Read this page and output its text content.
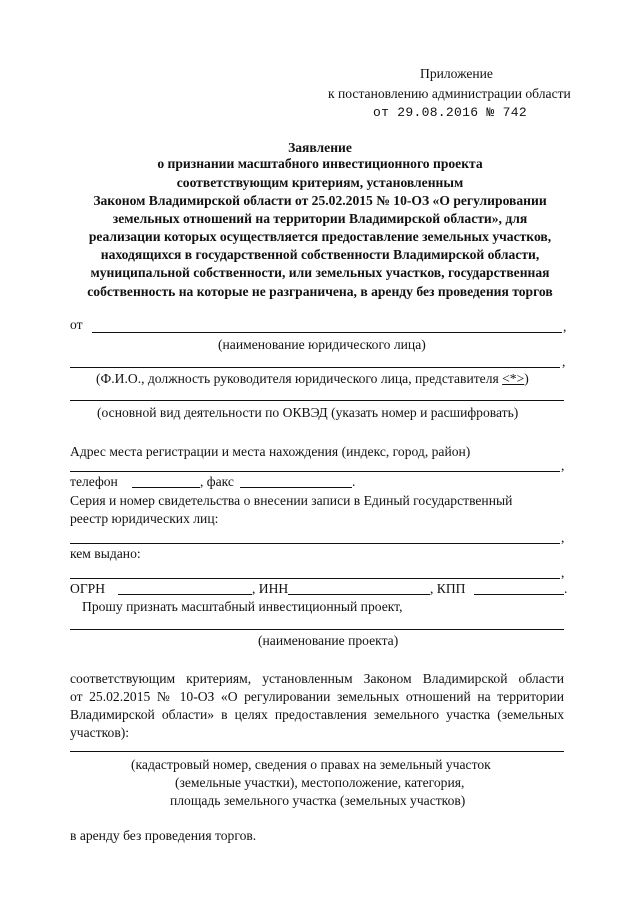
Приложение
к постановлению администрации области
от 29.08.2016 № 742
Заявление
о признании масштабного инвестиционного проекта
соответствующим критериям, установленным
Законом Владимирской области от 25.02.2015 № 10-ОЗ «О регулировании
земельных отношений на территории Владимирской области», для
реализации которых осуществляется предоставление земельных участков,
находящихся в государственной собственности Владимирской области,
муниципальной собственности, или земельных участков, государственная
собственность на которые не разграничена, в аренду без проведения торгов
от	,
(наименование юридического лица)
,
(Ф.И.О., должность руководителя юридического лица, представителя <*>)
(основной вид деятельности по ОКВЭД (указать номер и расшифровать)
Адрес места регистрации и места нахождения (индекс, город, район)
,
телефон	, факс	.
Серия и номер свидетельства о внесении записи в Единый государственный
реестр юридических лиц:
,
кем выдано:
,
ОГРН	, ИНН	, КПП	.
Прошу признать масштабный инвестиционный проект,
(наименование проекта)
соответствующим критериям, установленным Законом Владимирской области
от 25.02.2015 № 10-ОЗ «О регулировании земельных отношений на территории
Владимирской области» в целях предоставления земельного участка (земельных
участков):
(кадастровый номер, сведения о правах на земельный участок
(земельные участки), местоположение, категория,
площадь земельного участка (земельных участков)
в аренду без проведения торгов.
